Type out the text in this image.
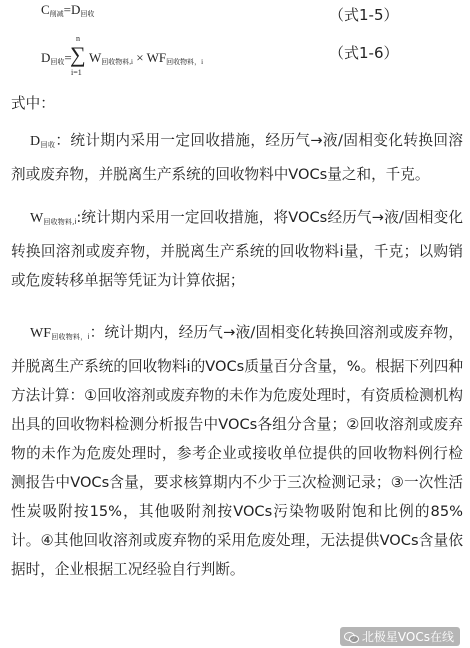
$C_{削减}=D_{回收}$	（式1-5）
$D_{回收}=$
n
∑
i=1
$W_{回收物料,i} \times WF_{回收物料,i}$	（式1-6）
式中：

D回收：统计期内采用一定回收措施，经历气→液/固相变化转换回溶剂或废弃物，并脱离生产系统的回收物料中VOCs量之和，千克。

W回收物料,i:统计期内采用一定回收措施，将VOCs经历气→液/固相变化转换回溶剂或废弃物，并脱离生产系统的回收物料i量，千克；以购销或危废转移单据等凭证为计算依据；

WF回收物料，i：统计期内，经历气→液/固相变化转换回溶剂或废弃物，并脱离生产系统的回收物料i的VOCs质量百分含量，%。根据下列四种方法计算：①回收溶剂或废弃物的未作为危废处理时，有资质检测机构出具的回收物料检测分析报告中VOCs各组分含量；②回收溶剂或废弃物的未作为危废处理时，参考企业或接收单位提供的回收物料例行检测报告中VOCs含量，要求核算期内不少于三次检测记录；③一次性活性炭吸附按15%，其他吸附剂按VOCs污染物吸附饱和比例的85%计。④其他回收溶剂或废弃物的采用危废处理，无法提供VOCs含量依据时，企业根据工况经验自行判断。

北极星VOCs在线
